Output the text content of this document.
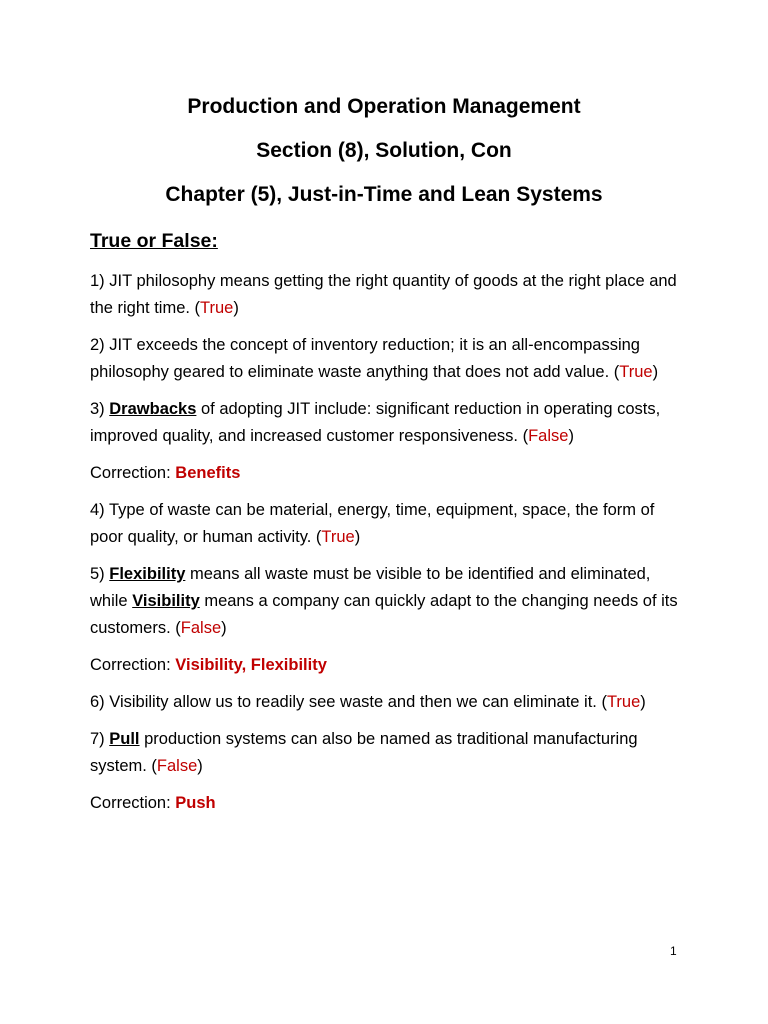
Production and Operation Management
Section (8), Solution, Con
Chapter (5), Just-in-Time and Lean Systems
True or False:

1) JIT philosophy means getting the right quantity of goods at the right place and the right time. (True)

2) JIT exceeds the concept of inventory reduction; it is an all-encompassing philosophy geared to eliminate waste anything that does not add value. (True)

3) Drawbacks of adopting JIT include: significant reduction in operating costs, improved quality, and increased customer responsiveness. (False)

Correction: Benefits

4) Type of waste can be material, energy, time, equipment, space, the form of poor quality, or human activity. (True)

5) Flexibility means all waste must be visible to be identified and eliminated, while Visibility means a company can quickly adapt to the changing needs of its customers. (False)

Correction: Visibility, Flexibility

6) Visibility allow us to readily see waste and then we can eliminate it. (True)

7) Pull production systems can also be named as traditional manufacturing system. (False)

Correction: Push

1
